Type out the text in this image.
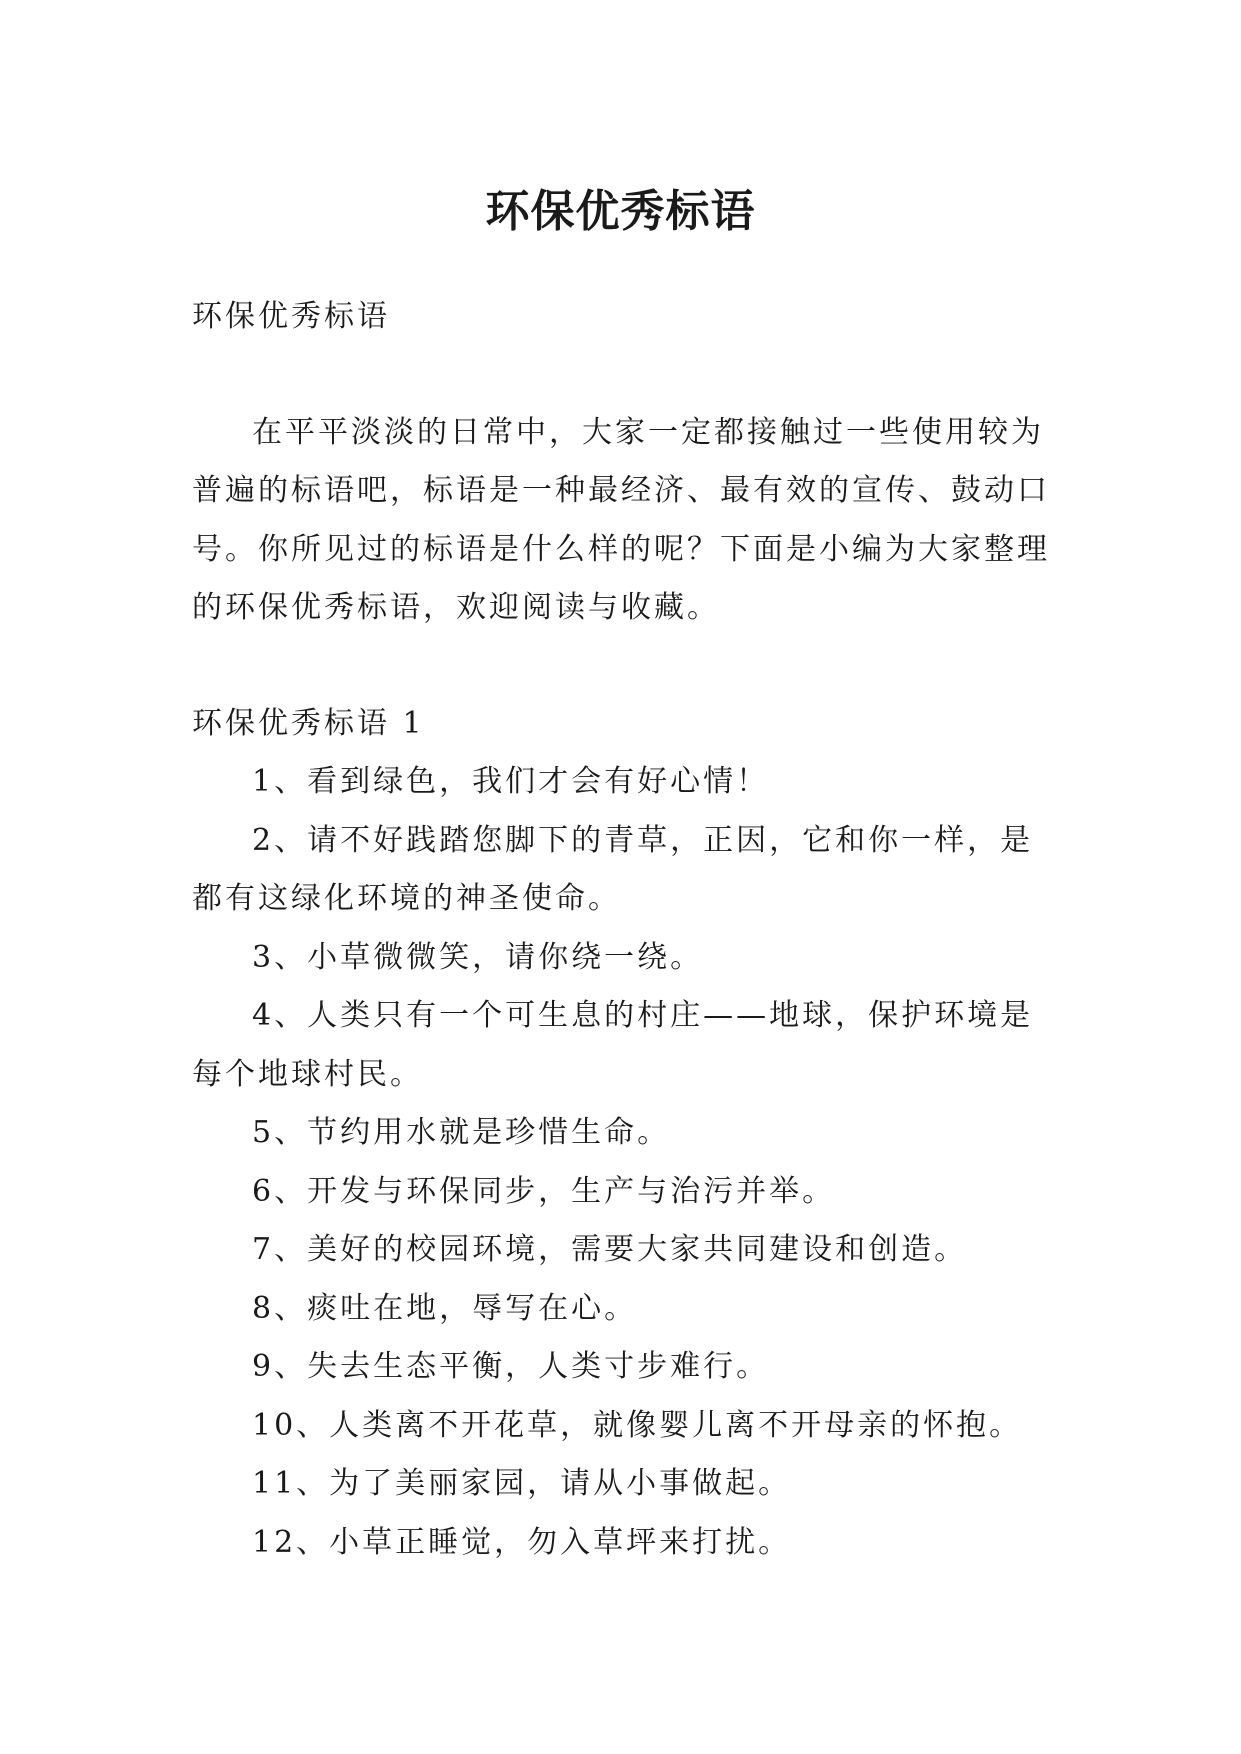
环保优秀标语

环保优秀标语

在平平淡淡的日常中，大家一定都接触过一些使用较为普遍的标语吧，标语是一种最经济、最有效的宣传、鼓动口号。你所见过的标语是什么样的呢？下面是小编为大家整理的环保优秀标语，欢迎阅读与收藏。

环保优秀标语 1

1、看到绿色，我们才会有好心情！

2、请不好践踏您脚下的青草，正因，它和你一样，是都有这绿化环境的神圣使命。

3、小草微微笑，请你绕一绕。

4、人类只有一个可生息的村庄——地球，保护环境是每个地球村民。

5、节约用水就是珍惜生命。

6、开发与环保同步，生产与治污并举。

7、美好的校园环境，需要大家共同建设和创造。

8、痰吐在地，辱写在心。

9、失去生态平衡，人类寸步难行。

10、人类离不开花草，就像婴儿离不开母亲的怀抱。

11、为了美丽家园，请从小事做起。

12、小草正睡觉，勿入草坪来打扰。
